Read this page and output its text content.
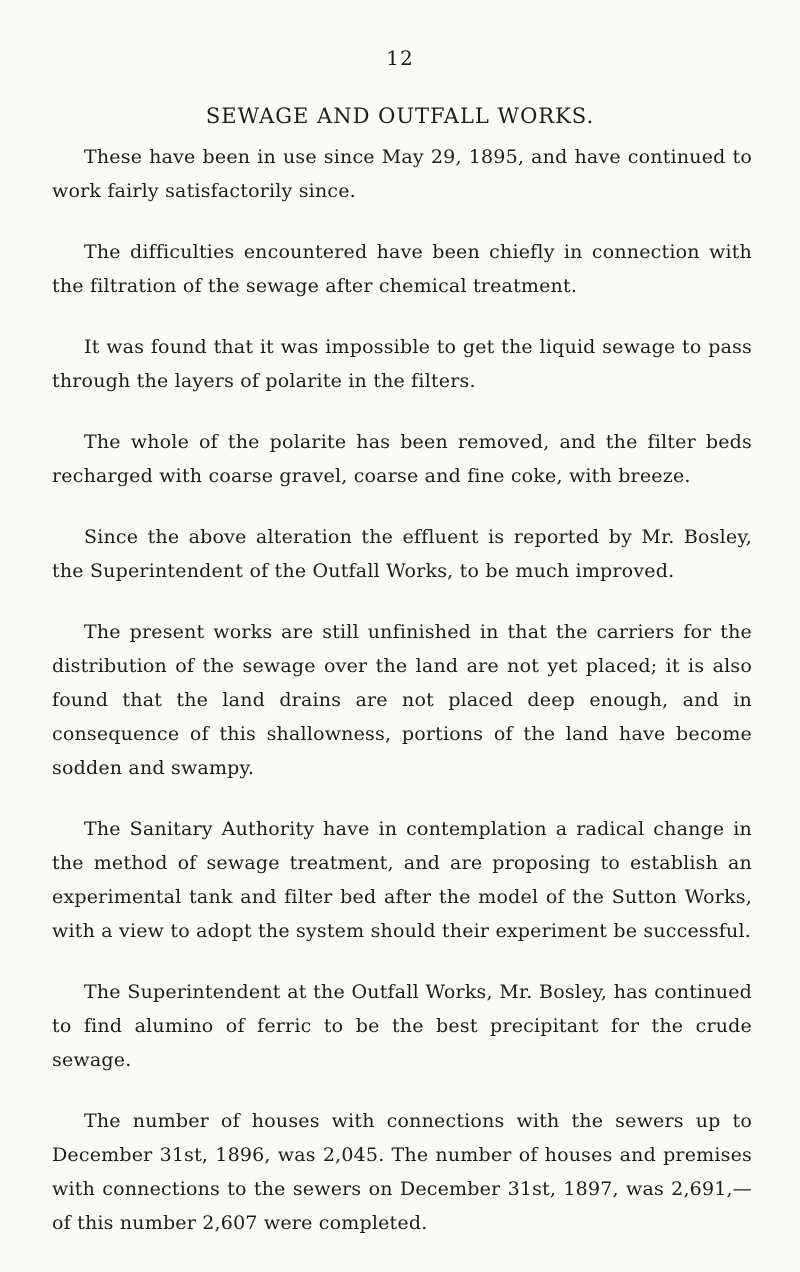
12
SEWAGE AND OUTFALL WORKS.

These have been in use since May 29, 1895, and have continued to work fairly satisfactorily since.

The difficulties encountered have been chiefly in connection with the filtration of the sewage after chemical treatment.

It was found that it was impossible to get the liquid sewage to pass through the layers of polarite in the filters.

The whole of the polarite has been removed, and the filter beds recharged with coarse gravel, coarse and fine coke, with breeze.

Since the above alteration the effluent is reported by Mr. Bosley, the Superintendent of the Outfall Works, to be much improved.

The present works are still unfinished in that the carriers for the distribution of the sewage over the land are not yet placed; it is also found that the land drains are not placed deep enough, and in consequence of this shallowness, portions of the land have become sodden and swampy.

The Sanitary Authority have in contemplation a radical change in the method of sewage treatment, and are proposing to establish an experimental tank and filter bed after the model of the Sutton Works, with a view to adopt the system should their experiment be successful.

The Superintendent at the Outfall Works, Mr. Bosley, has continued to find alumino of ferric to be the best precipitant for the crude sewage.

The number of houses with connections with the sewers up to December 31st, 1896, was 2,045. The number of houses and premises with connections to the sewers on December 31st, 1897, was 2,691,—of this number 2,607 were completed.
